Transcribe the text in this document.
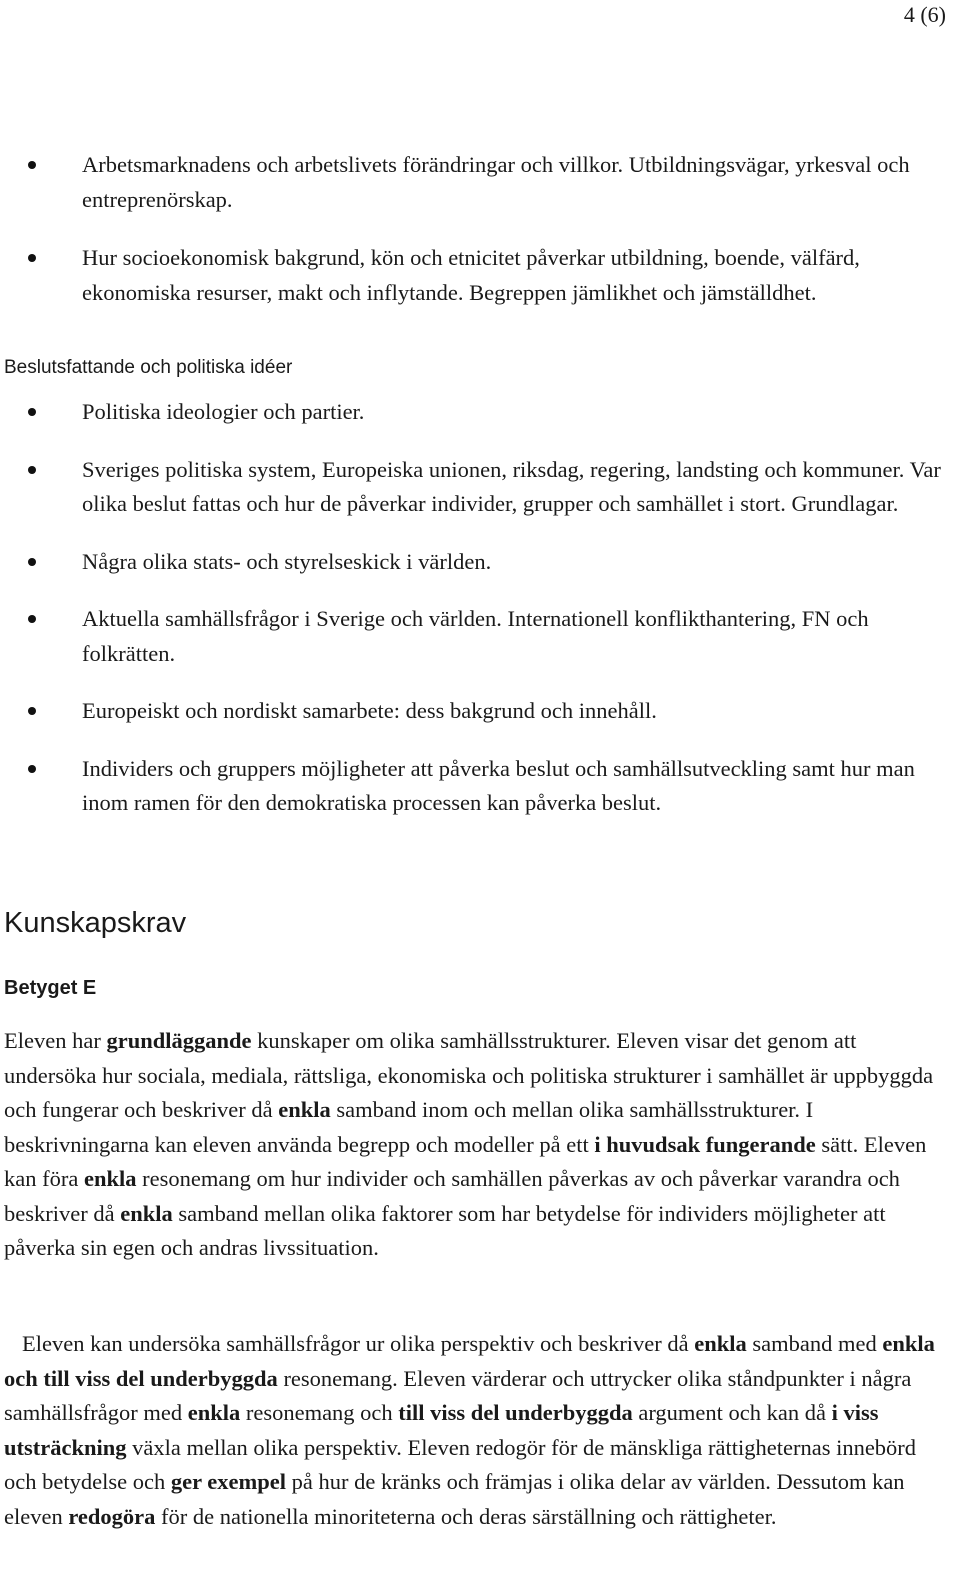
4 (6)
Arbetsmarknadens och arbetslivets förändringar och villkor. Utbildningsvägar, yrkesval och entreprenörskap.
Hur socioekonomisk bakgrund, kön och etnicitet påverkar utbildning, boende, välfärd, ekonomiska resurser, makt och inflytande. Begreppen jämlikhet och jämställdhet.
Beslutsfattande och politiska idéer
Politiska ideologier och partier.
Sveriges politiska system, Europeiska unionen, riksdag, regering, landsting och kommuner. Var olika beslut fattas och hur de påverkar individer, grupper och samhället i stort. Grundlagar.
Några olika stats- och styrelseskick i världen.
Aktuella samhällsfrågor i Sverige och världen. Internationell konflikthantering, FN och folkrätten.
Europeiskt och nordiskt samarbete: dess bakgrund och innehåll.
Individers och gruppers möjligheter att påverka beslut och samhällsutveckling samt hur man inom ramen för den demokratiska processen kan påverka beslut.
Kunskapskrav
Betyget E
Eleven har grundläggande kunskaper om olika samhällsstrukturer. Eleven visar det genom att undersöka hur sociala, mediala, rättsliga, ekonomiska och politiska strukturer i samhället är uppbyggda och fungerar och beskriver då enkla samband inom och mellan olika samhällsstrukturer. I beskrivningarna kan eleven använda begrepp och modeller på ett i huvudsak fungerande sätt. Eleven kan föra enkla resonemang om hur individer och samhällen påverkas av och påverkar varandra och beskriver då enkla samband mellan olika faktorer som har betydelse för individers möjligheter att påverka sin egen och andras livssituation.
Eleven kan undersöka samhällsfrågor ur olika perspektiv och beskriver då enkla samband med enkla och till viss del underbyggda resonemang. Eleven värderar och uttrycker olika ståndpunkter i några samhällsfrågor med enkla resonemang och till viss del underbyggda argument och kan då i viss utsträckning växla mellan olika perspektiv. Eleven redogör för de mänskliga rättigheternas innebörd och betydelse och ger exempel på hur de kränks och främjas i olika delar av världen. Dessutom kan eleven redogöra för de nationella minoriteterna och deras särställning och rättigheter.
